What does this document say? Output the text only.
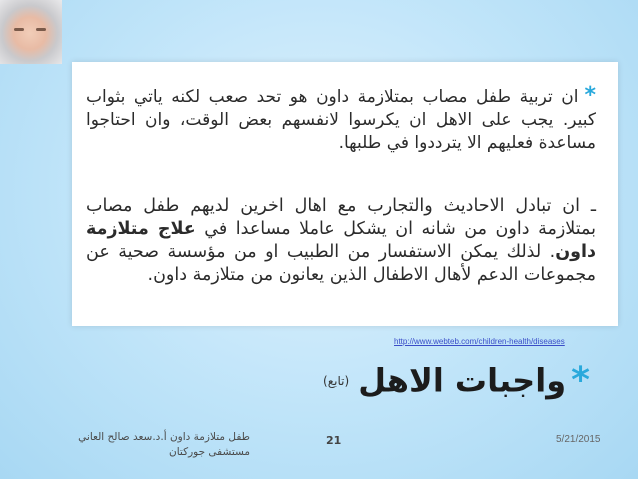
*ان تربية طفل مصاب بمتلازمة داون هو تحد صعب لكنه ياتي بثواب كبير. يجب على الاهل ان يكرسوا لانفسهم بعض الوقت، وان احتاجوا مساعدة فعليهم الا يترددوا في طلبها.
ـ ان تبادل الاحاديث والتجارب مع اهال اخرين لديهم طفل مصاب بمتلازمة داون من شانه ان يشكل عاملا مساعدا في علاج متلازمة داون. لذلك يمكن الاستفسار من الطبيب او من مؤسسة صحية عن مجموعات الدعم لأهال الاطفال الذين يعانون من متلازمة داون.
http://www.webteb.com/children-health/diseases
* واجبات الاهل (تابع)
طفل متلازمة داون أ.د.سعد صالح العاني
مستشفى جوركتان
21	5/21/2015
